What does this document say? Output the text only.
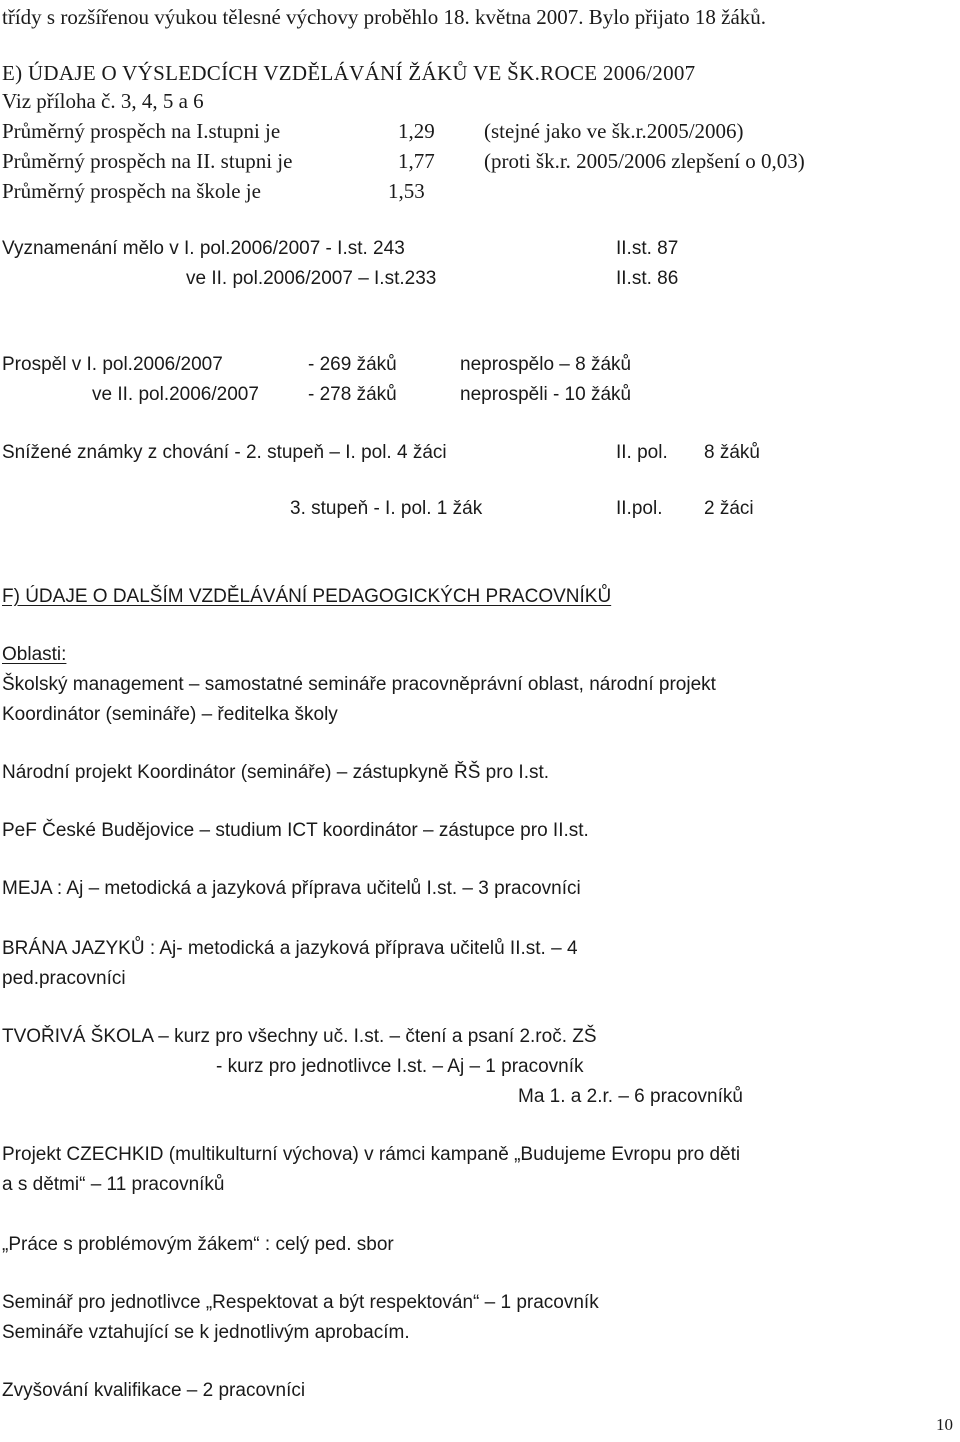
třídy s rozšířenou výukou tělesné výchovy proběhlo 18. května 2007. Bylo přijato 18 žáků.
E) ÚDAJE O VÝSLEDCÍCH VZDĚLÁVÁNÍ ŽÁKŮ VE ŠK.ROCE 2006/2007
Viz příloha č. 3, 4, 5 a 6
Průměrný prospěch na I.stupni je	1,29 (stejné jako ve šk.r.2005/2006)
Průměrný prospěch na II. stupni je	1,77 (proti šk.r. 2005/2006 zlepšení o 0,03)
Průměrný prospěch na škole je	1,53
Vyznamenání mělo v I. pol.2006/2007 - I.st. 243	II.st. 87
ve II. pol.2006/2007 – I.st.233	II.st. 86
Prospěl v I. pol.2006/2007	- 269 žáků	neprospělo – 8 žáků
ve II. pol.2006/2007	- 278 žáků	neprospěli - 10 žáků
Snížené známky z chování - 2. stupeň – I. pol. 4 žáci	II. pol. 8 žáků
3. stupeň - I. pol. 1 žák	II.pol. 2 žáci
F) ÚDAJE O DALŠÍM VZDĚLÁVÁNÍ PEDAGOGICKÝCH PRACOVNÍKŮ
Oblasti:
Školský management – samostatné semináře pracovněprávní oblast, národní projekt
Koordinátor (semináře) – ředitelka školy
Národní projekt Koordinátor (semináře) – zástupkyně ŘŠ pro I.st.
PeF České Budějovice – studium ICT koordinátor – zástupce pro II.st.
MEJA : Aj – metodická a jazyková příprava učitelů I.st. – 3 pracovníci
BRÁNA JAZYKŮ : Aj- metodická a jazyková příprava učitelů II.st. – 4
ped.pracovníci
TVOŘIVÁ ŠKOLA – kurz pro všechny uč. I.st. – čtení a psaní 2.roč. ZŠ
- kurz pro jednotlivce I.st. – Aj – 1 pracovník
Ma 1. a 2.r. – 6 pracovníků
Projekt CZECHKID (multikulturní výchova) v rámci kampaně „Budujeme Evropu pro děti
a s dětmi“ – 11 pracovníků
„Práce s problémovým žákem“ : celý ped. sbor
Seminář pro jednotlivce „Respektovat a být respektován“ – 1 pracovník
Semináře vztahující se k jednotlivým aprobacím.
Zvyšování kvalifikace – 2 pracovníci
10
